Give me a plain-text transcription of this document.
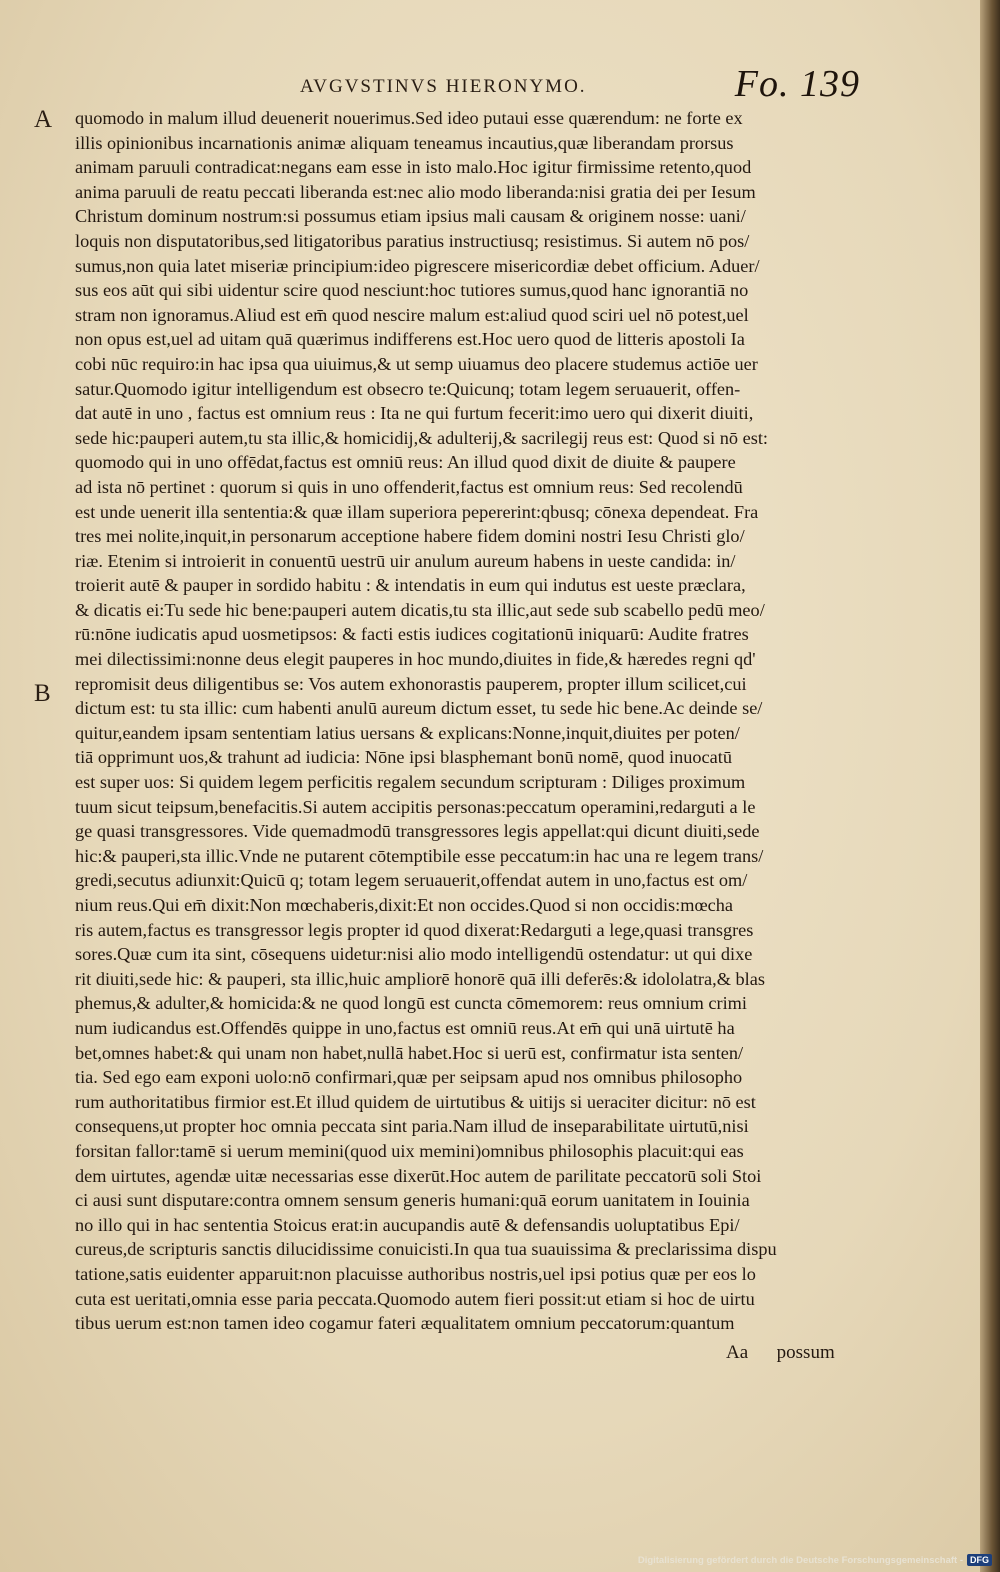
AVGVSTINVS HIERONYMO.	Fo. 139
A
B
quomodo in malum illud deuenerit nouerimus.Sed ideo putaui esse quærendum: ne forte ex
illis opinionibus incarnationis animæ aliquam teneamus incautius,quæ liberandam prorsus
animam paruuli contradicat:negans eam esse in isto malo.Hoc igitur firmissime retento,quod
anima paruuli de reatu peccati liberanda est:nec alio modo liberanda:nisi gratia dei per Iesum
Christum dominum nostrum:si possumus etiam ipsius mali causam & originem nosse: uani/
loquis non disputatoribus,sed litigatoribus paratius instructiusq; resistimus. Si autem nō pos/
sumus,non quia latet miseriæ principium:ideo pigrescere misericordiæ debet officium. Aduer/
sus eos aūt qui sibi uidentur scire quod nesciunt:hoc tutiores sumus,quod hanc ignorantiā no
stram non ignoramus.Aliud est em̄ quod nescire malum est:aliud quod sciri uel nō potest,uel
non opus est,uel ad uitam quā quærimus indifferens est.Hoc uero quod de litteris apostoli Ia
cobi nūc requiro:in hac ipsa qua uiuimus,& ut semp uiuamus deo placere studemus actiōe uer
satur.Quomodo igitur intelligendum est obsecro te:Quicunq; totam legem seruauerit, offen-
dat autē in uno , factus est omnium reus : Ita ne qui furtum fecerit:imo uero qui dixerit diuiti,
sede hic:pauperi autem,tu sta illic,& homicidij,& adulterij,& sacrilegij reus est: Quod si nō est:
quomodo qui in uno offēdat,factus est omniū reus: An illud quod dixit de diuite & paupere
ad ista nō pertinet : quorum si quis in uno offenderit,factus est omnium reus: Sed recolendū
est unde uenerit illa sententia:& quæ illam superiora pepererint:qbusq; cōnexa dependeat. Fra
tres mei nolite,inquit,in personarum acceptione habere fidem domini nostri Iesu Christi glo/
riæ. Etenim si introierit in conuentū uestrū uir anulum aureum habens in ueste candida: in/
troierit autē & pauper in sordido habitu : & intendatis in eum qui indutus est ueste præclara,
& dicatis ei:Tu sede hic bene:pauperi autem dicatis,tu sta illic,aut sede sub scabello pedū meo/
rū:nōne iudicatis apud uosmetipsos: & facti estis iudices cogitationū iniquarū: Audite fratres
mei dilectissimi:nonne deus elegit pauperes in hoc mundo,diuites in fide,& hæredes regni qd'
repromisit deus diligentibus se: Vos autem exhonorastis pauperem, propter illum scilicet,cui
dictum est: tu sta illic: cum habenti anulū aureum dictum esset, tu sede hic bene.Ac deinde se/
quitur,eandem ipsam sententiam latius uersans & explicans:Nonne,inquit,diuites per poten/
tiā opprimunt uos,& trahunt ad iudicia: Nōne ipsi blasphemant bonū nomē, quod inuocatū
est super uos: Si quidem legem perficitis regalem secundum scripturam : Diliges proximum
tuum sicut teipsum,benefacitis.Si autem accipitis personas:peccatum operamini,redarguti a le
ge quasi transgressores. Vide quemadmodū transgressores legis appellat:qui dicunt diuiti,sede
hic:& pauperi,sta illic.Vnde ne putarent cōtemptibile esse peccatum:in hac una re legem trans/
gredi,secutus adiunxit:Quicū q; totam legem seruauerit,offendat autem in uno,factus est om/
nium reus.Qui em̄ dixit:Non mœchaberis,dixit:Et non occides.Quod si non occidis:mœcha
ris autem,factus es transgressor legis propter id quod dixerat:Redarguti a lege,quasi transgres
sores.Quæ cum ita sint, cōsequens uidetur:nisi alio modo intelligendū ostendatur: ut qui dixe
rit diuiti,sede hic: & pauperi, sta illic,huic ampliorē honorē quā illi deferēs:& idololatra,& blas
phemus,& adulter,& homicida:& ne quod longū est cuncta cōmemorem: reus omnium crimi
num iudicandus est.Offendēs quippe in uno,factus est omniū reus.At em̄ qui unā uirtutē ha
bet,omnes habet:& qui unam non habet,nullā habet.Hoc si uerū est, confirmatur ista senten/
tia. Sed ego eam exponi uolo:nō confirmari,quæ per seipsam apud nos omnibus philosopho
rum authoritatibus firmior est.Et illud quidem de uirtutibus & uitijs si ueraciter dicitur: nō est
consequens,ut propter hoc omnia peccata sint paria.Nam illud de inseparabilitate uirtutū,nisi
forsitan fallor:tamē si uerum memini(quod uix memini)omnibus philosophis placuit:qui eas
dem uirtutes, agendæ uitæ necessarias esse dixerūt.Hoc autem de parilitate peccatorū soli Stoi
ci ausi sunt disputare:contra omnem sensum generis humani:quā eorum uanitatem in Iouinia
no illo qui in hac sententia Stoicus erat:in aucupandis autē & defensandis uoluptatibus Epi/
cureus,de scripturis sanctis dilucidissime conuicisti.In qua tua suauissima & preclarissima dispu
tatione,satis euidenter apparuit:non placuisse authoribus nostris,uel ipsi potius quæ per eos lo
cuta est ueritati,omnia esse paria peccata.Quomodo autem fieri possit:ut etiam si hoc de uirtu
tibus uerum est:non tamen ideo cogamur fateri æqualitatem omnium peccatorum:quantum
Aa possum
Digitalisierung gefördert durch die Deutsche Forschungsgemeinschaft - DFG
